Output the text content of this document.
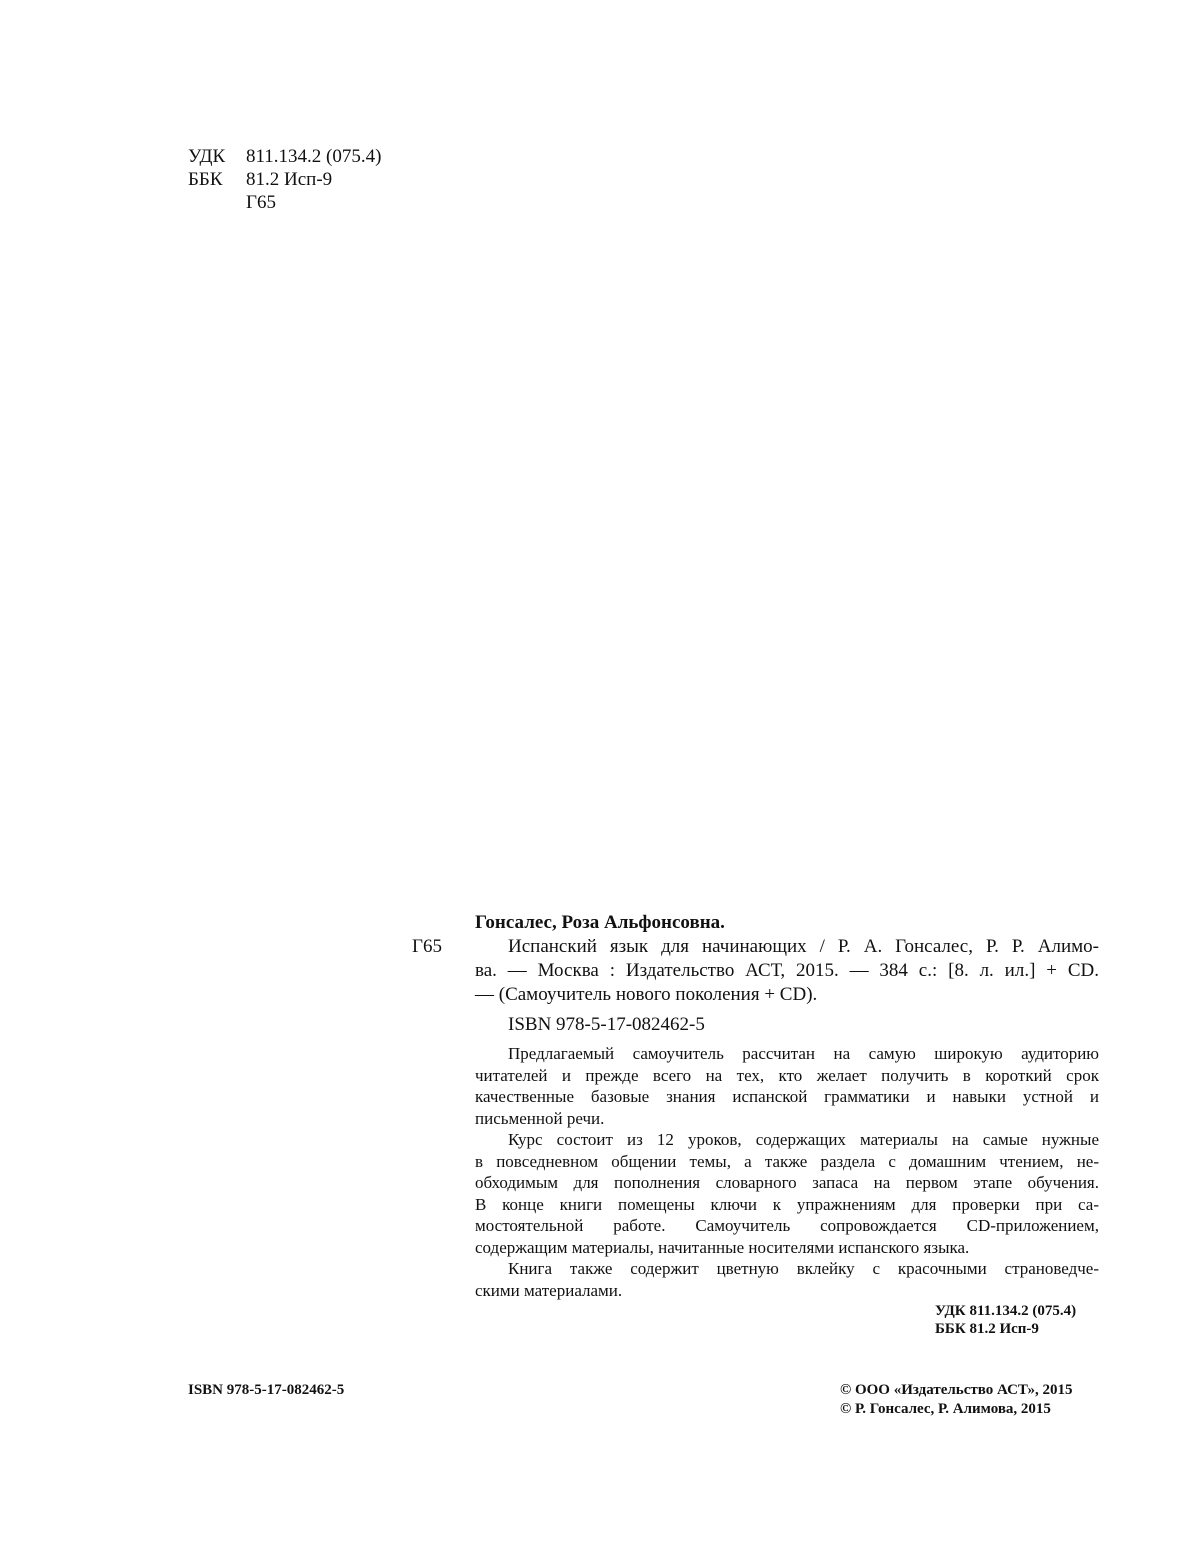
УДК 811.134.2 (075.4)
ББК 81.2 Исп-9
Г65
Гонсалес, Роза Альфонсовна.
Г65	Испанский язык для начинающих / Р. А. Гонсалес, Р. Р. Алимо-
ва. — Москва : Издательство АСТ, 2015. — 384 с.: [8. л. ил.] + CD.
— (Самоучитель нового поколения + CD).
ISBN 978-5-17-082462-5
Предлагаемый самоучитель рассчитан на самую широкую аудиторию
читателей и прежде всего на тех, кто желает получить в короткий срок
качественные базовые знания испанской грамматики и навыки устной и
письменной речи.
Курс состоит из 12 уроков, содержащих материалы на самые нужные
в повседневном общении темы, а также раздела с домашним чтением, не-
обходимым для пополнения словарного запаса на первом этапе обучения.
В конце книги помещены ключи к упражнениям для проверки при са-
мостоятельной работе. Самоучитель сопровождается CD-приложением,
содержащим материалы, начитанные носителями испанского языка.
Книга также содержит цветную вклейку с красочными страноведче-
скими материалами.
УДК 811.134.2 (075.4)
ББК 81.2 Исп-9
ISBN 978-5-17-082462-5	© ООО «Издательство АСТ», 2015
© Р. Гонсалес, Р. Алимова, 2015
